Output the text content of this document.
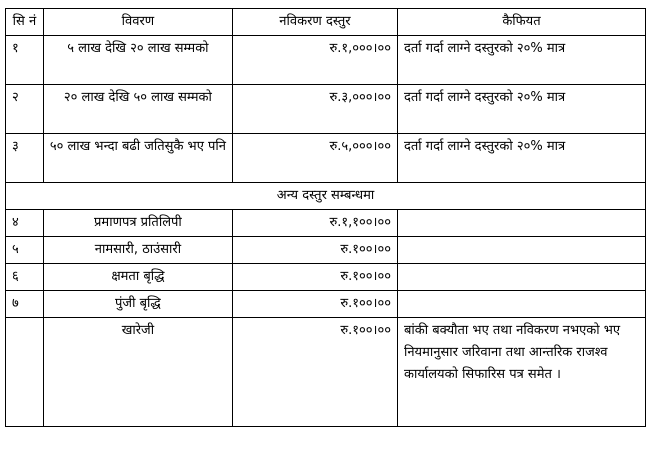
सि नं	विवरण	नविकरण दस्तुर	कैफियत
१	५ लाख देखि २० लाख सम्मको	रु.१,०००।००	दर्ता गर्दा लाग्ने दस्तुरको २०% मात्र
२	२० लाख देखि ५० लाख सम्मको	रु.३,०००।००	दर्ता गर्दा लाग्ने दस्तुरको २०% मात्र
३	५० लाख भन्दा बढी जतिसुकै भए पनि	रु.५,०००।००	दर्ता गर्दा लाग्ने दस्तुरको २०% मात्र
अन्य दस्तुर सम्बन्धमा			
४	प्रमाणपत्र प्रतिलिपी	रु.१,१००।००	
५	नामसारी, ठाउंसारी	रु.१००।००	
६	क्षमता बृद्धि	रु.१००।००	
७	पुंजी बृद्धि	रु.१००।००	
	खारेजी	रु.१००।००	बांकी बक्यौता भए तथा नविकरण नभएको भए नियमानुसार जरिवाना तथा आन्तरिक राजश्व कार्यालयको सिफारिस पत्र समेत ।
